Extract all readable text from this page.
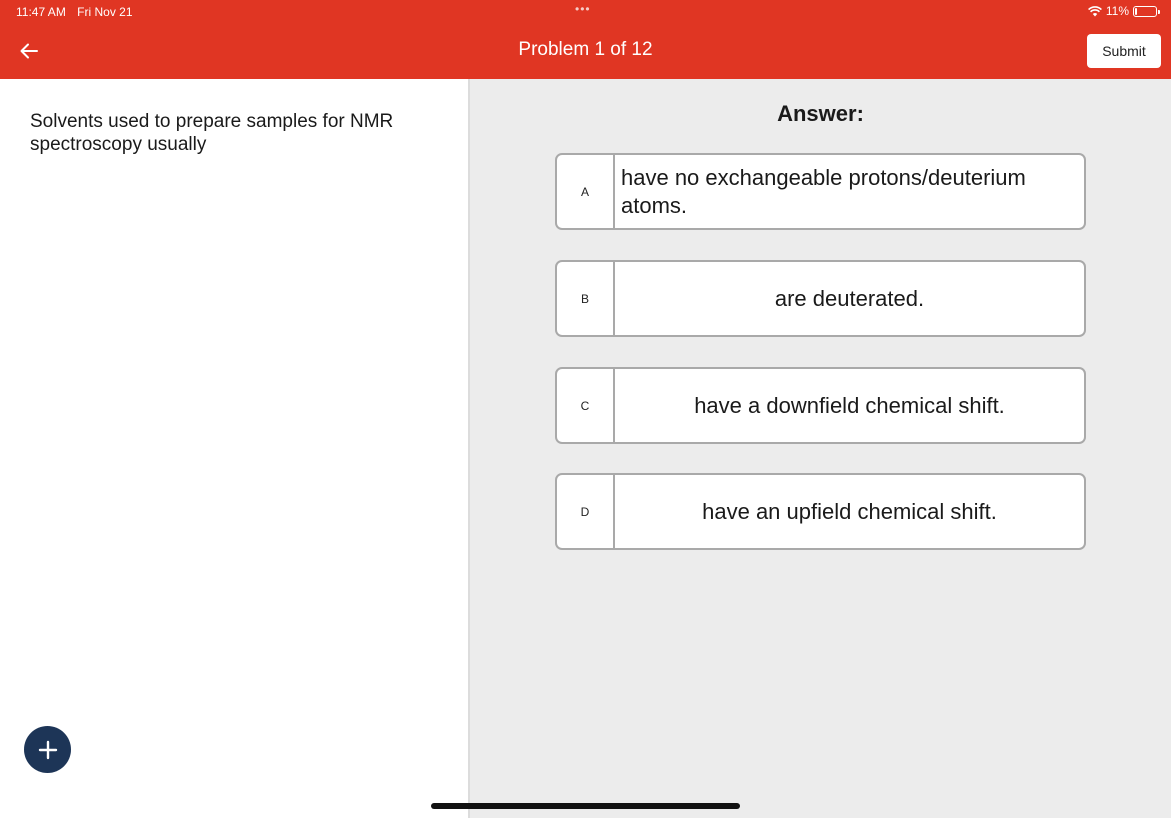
11:47 AM Fri Nov 21	•••	11%
Problem 1 of 12	Submit
Solvents used to prepare samples for NMR spectroscopy usually
Answer:
A
have no exchangeable protons/deuterium atoms.
B	are deuterated.
C	have a downfield chemical shift.
D	have an upfield chemical shift.
